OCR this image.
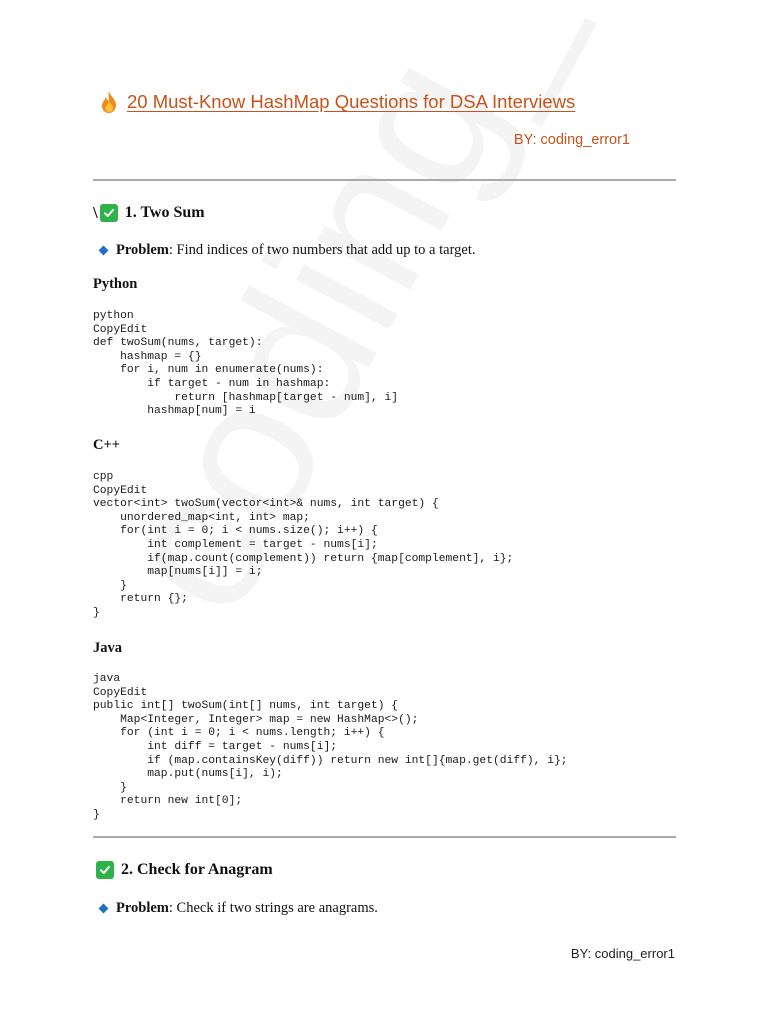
20 Must-Know HashMap Questions for DSA Interviews
BY: coding_error1
\ 1. Two Sum
Problem : Find indices of two numbers that add up to a target.
Python
python
CopyEdit
def twoSum(nums, target):
hashmap = {}
for i, num in enumerate(nums):
if target - num in hashmap:
return [hashmap[target - num], i]
hashmap[num] = i
C++
cpp
CopyEdit
vector<int> twoSum(vector<int>& nums, int target) {
unordered_map<int, int> map;
for(int i = 0; i < nums.size(); i++) {
int complement = target - nums[i];
if(map.count(complement)) return {map[complement], i};
map[nums[i]] = i;
}
return {};
}
Java
java
CopyEdit
public int[] twoSum(int[] nums, int target) {
Map<Integer, Integer> map = new HashMap<>();
for (int i = 0; i < nums.length; i++) {
int diff = target - nums[i];
if (map.containsKey(diff)) return new int[]{map.get(diff), i};
map.put(nums[i], i);
}
return new int[0];
}
2. Check for Anagram
Problem : Check if two strings are anagrams.
BY: coding_error1
